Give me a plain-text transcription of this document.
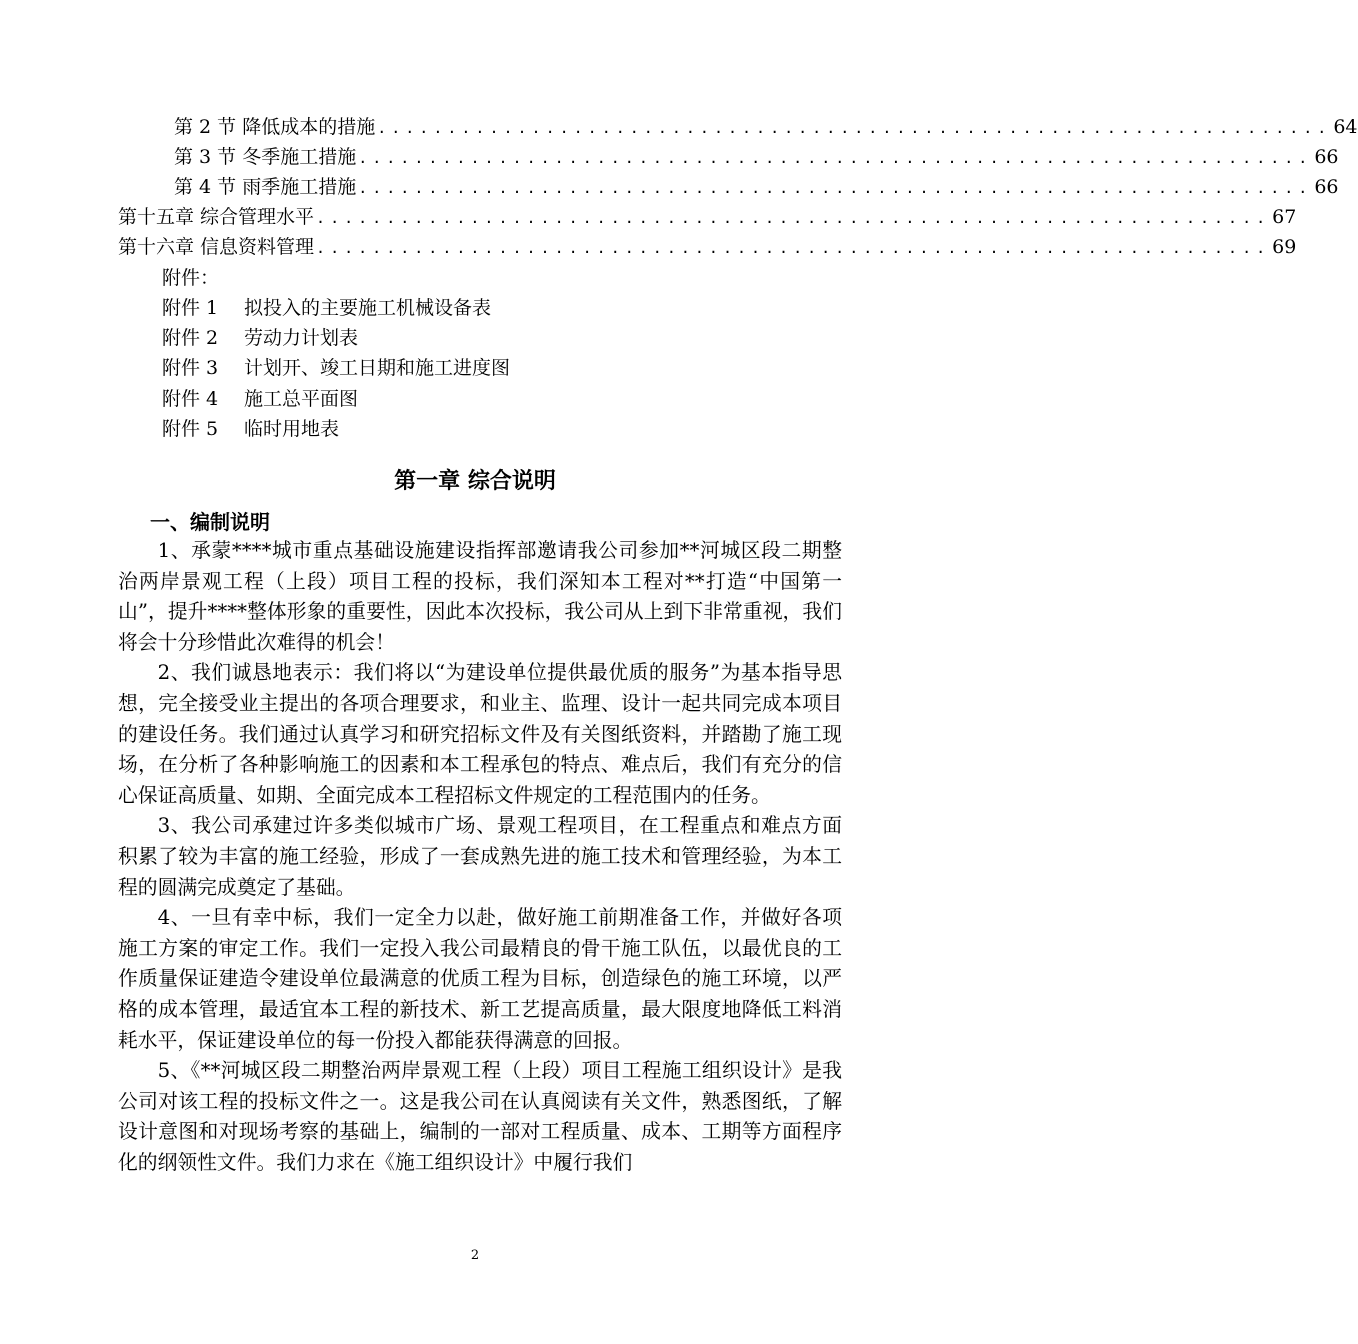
第 2 节 降低成本的措施 .................................................................... 64
第 3 节 冬季施工措施 .................................................................... 66
第 4 节 雨季施工措施 .................................................................... 66
第十五章 综合管理水平 .................................................................... 67
第十六章 信息资料管理 .................................................................... 69
附件：
附件 1 拟投入的主要施工机械设备表
附件 2 劳动力计划表
附件 3 计划开、竣工日期和施工进度图
附件 4 施工总平面图
附件 5 临时用地表
第一章 综合说明
一、编制说明

1、承蒙****城市重点基础设施建设指挥部邀请我公司参加**河城区段二期整治两岸景观工程（上段）项目工程的投标，我们深知本工程对**打造“中国第一山”，提升****整体形象的重要性，因此本次投标，我公司从上到下非常重视，我们将会十分珍惜此次难得的机会！

2、我们诚恳地表示：我们将以“为建设单位提供最优质的服务”为基本指导思想，完全接受业主提出的各项合理要求，和业主、监理、设计一起共同完成本项目的建设任务。我们通过认真学习和研究招标文件及有关图纸资料，并踏勘了施工现场，在分析了各种影响施工的因素和本工程承包的特点、难点后，我们有充分的信心保证高质量、如期、全面完成本工程招标文件规定的工程范围内的任务。

3、我公司承建过许多类似城市广场、景观工程项目，在工程重点和难点方面积累了较为丰富的施工经验，形成了一套成熟先进的施工技术和管理经验，为本工程的圆满完成奠定了基础。

4、一旦有幸中标，我们一定全力以赴，做好施工前期准备工作，并做好各项施工方案的审定工作。我们一定投入我公司最精良的骨干施工队伍，以最优良的工作质量保证建造令建设单位最满意的优质工程为目标，创造绿色的施工环境，以严格的成本管理，最适宜本工程的新技术、新工艺提高质量，最大限度地降低工料消耗水平，保证建设单位的每一份投入都能获得满意的回报。

5、《**河城区段二期整治两岸景观工程（上段）项目工程施工组织设计》是我公司对该工程的投标文件之一。这是我公司在认真阅读有关文件，熟悉图纸，了解设计意图和对现场考察的基础上，编制的一部对工程质量、成本、工期等方面程序化的纲领性文件。我们力求在《施工组织设计》中履行我们

2
